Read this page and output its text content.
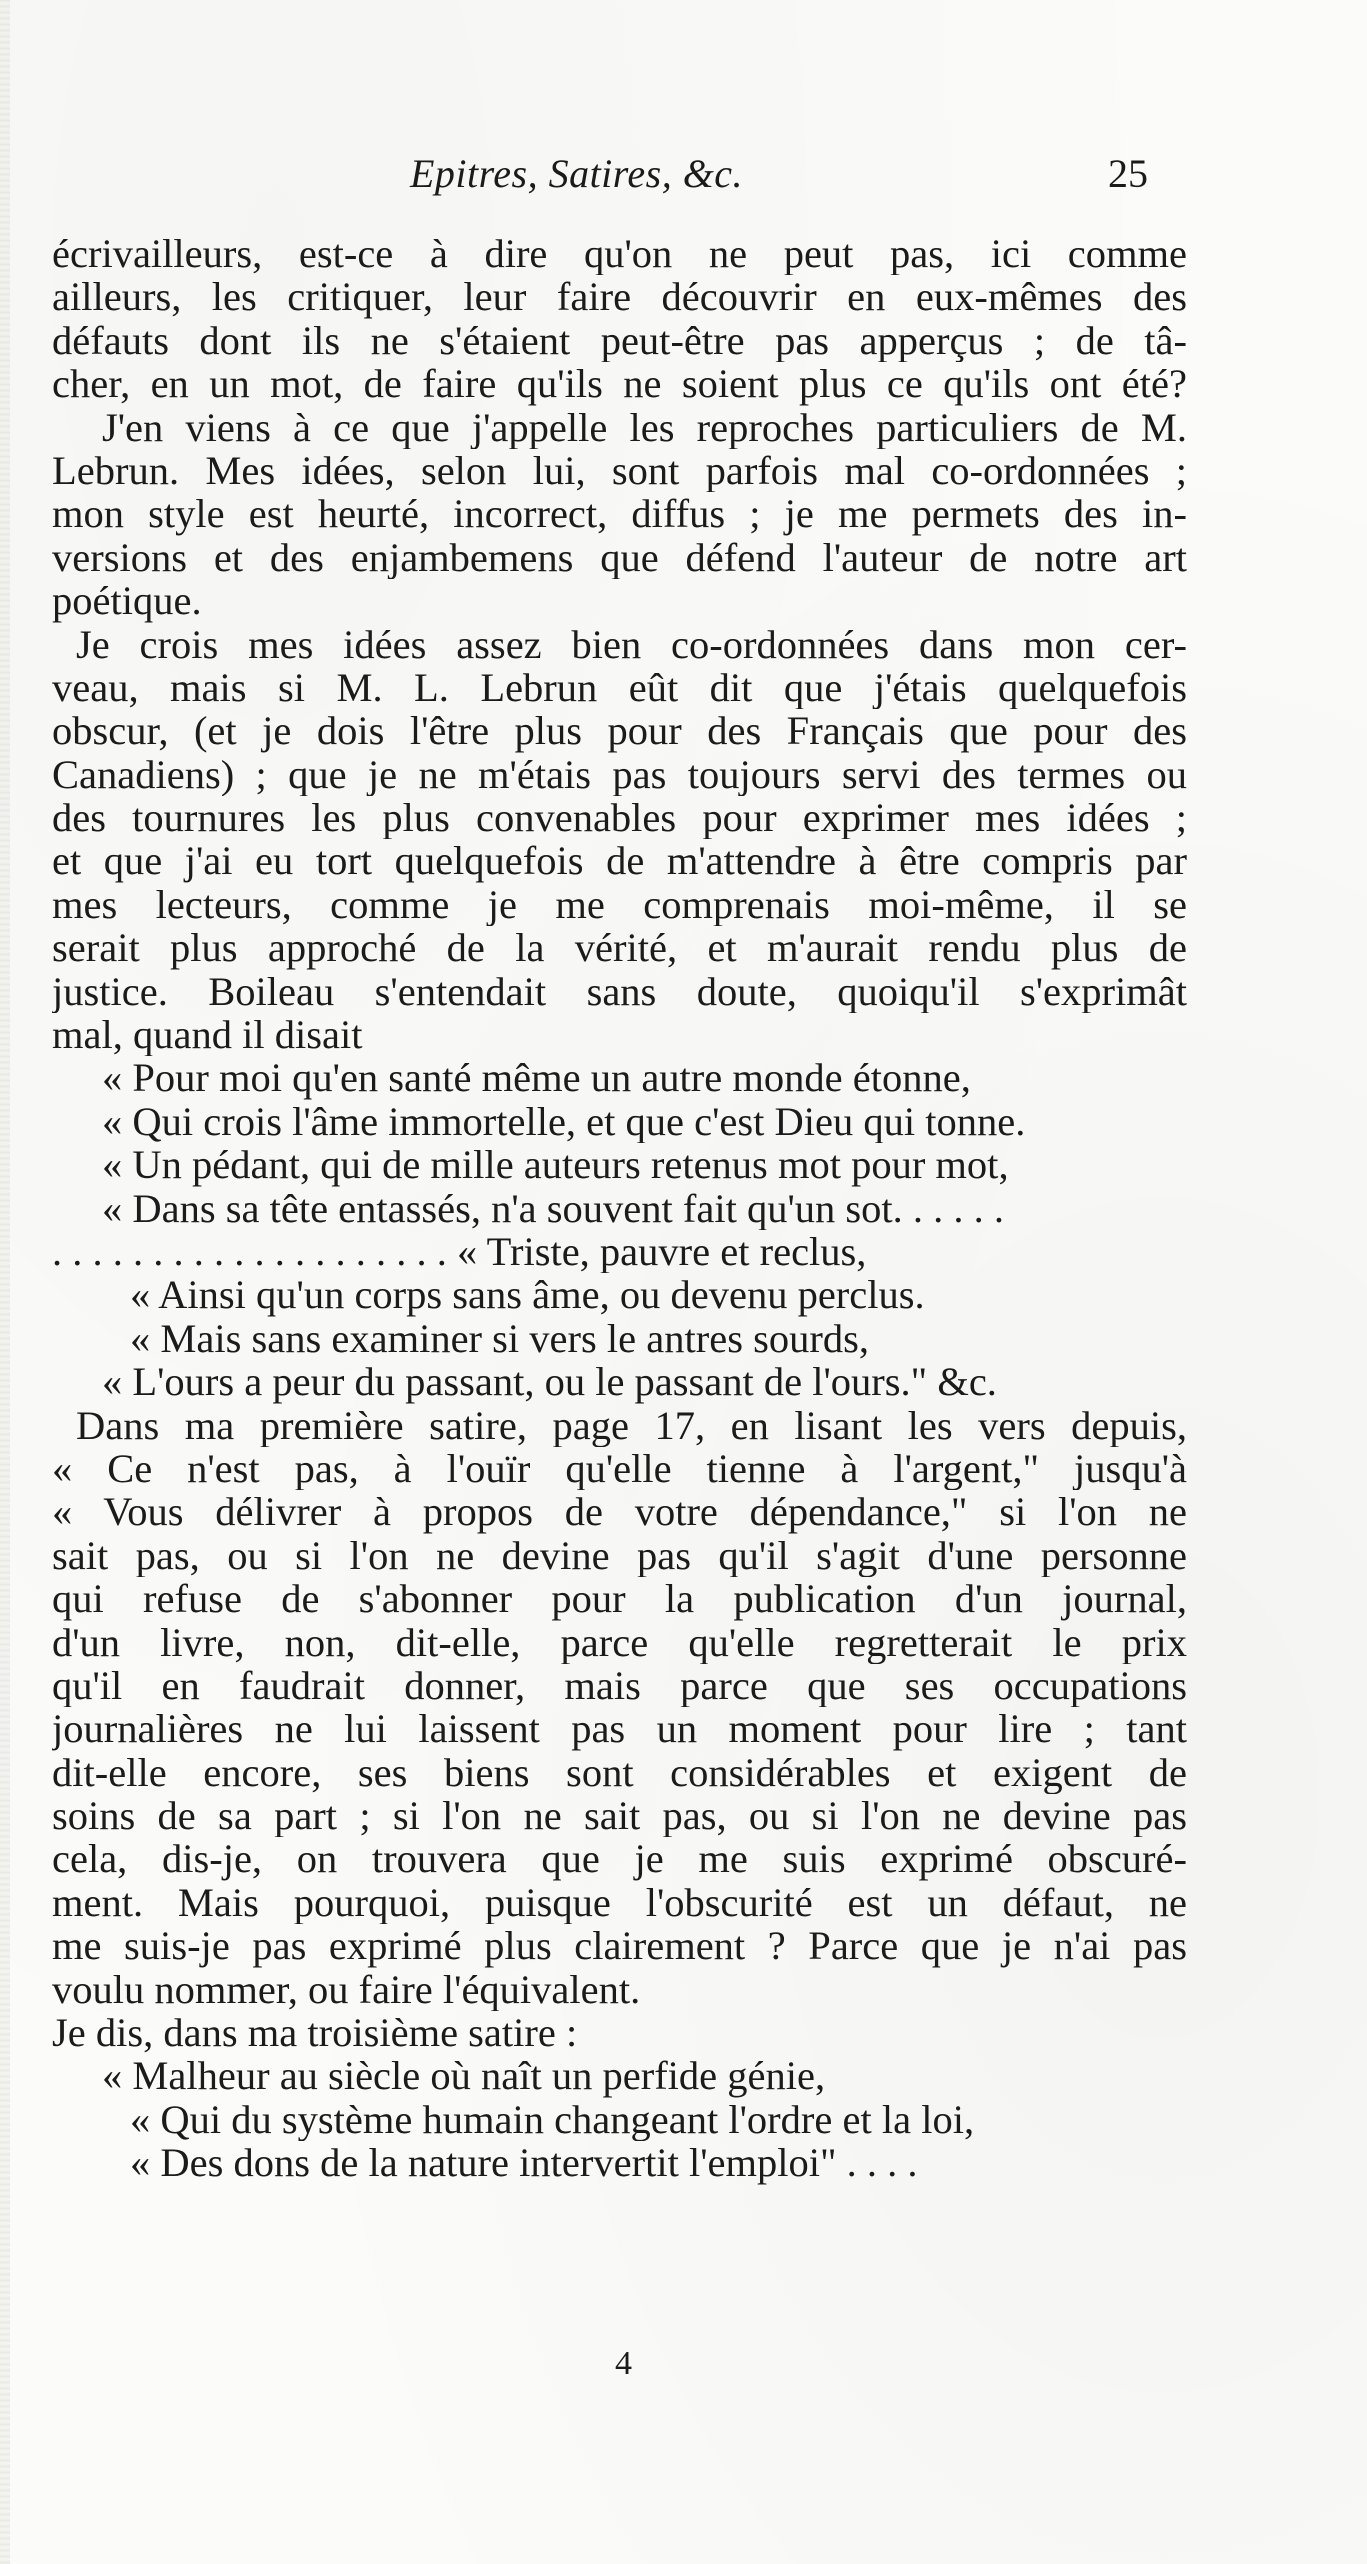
Epitres, Satires, &c.	25
écrivailleurs, est-ce à dire qu'on ne peut pas, ici comme
ailleurs, les critiquer, leur faire découvrir en eux-mêmes des
défauts dont ils ne s'étaient peut-être pas apperçus ; de tâ-
cher, en un mot, de faire qu'ils ne soient plus ce qu'ils ont été?
J'en viens à ce que j'appelle les reproches particuliers de M.
Lebrun. Mes idées, selon lui, sont parfois mal co-ordonnées ;
mon style est heurté, incorrect, diffus ; je me permets des in-
versions et des enjambemens que défend l'auteur de notre art
poétique.
Je crois mes idées assez bien co-ordonnées dans mon cer-
veau, mais si M. L. Lebrun eût dit que j'étais quelquefois
obscur, (et je dois l'être plus pour des Français que pour des
Canadiens) ; que je ne m'étais pas toujours servi des termes ou
des tournures les plus convenables pour exprimer mes idées ;
et que j'ai eu tort quelquefois de m'attendre à être compris par
mes lecteurs, comme je me comprenais moi-même, il se
serait plus approché de la vérité, et m'aurait rendu plus de
justice. Boileau s'entendait sans doute, quoiqu'il s'exprimât
mal, quand il disait
« Pour moi qu'en santé même un autre monde étonne,
« Qui crois l'âme immortelle, et que c'est Dieu qui tonne.
« Un pédant, qui de mille auteurs retenus mot pour mot,
« Dans sa tête entassés, n'a souvent fait qu'un sot. . . . . .
. . . . . . . . . . . . . . . . . . . . « Triste, pauvre et reclus,
« Ainsi qu'un corps sans âme, ou devenu perclus.
« Mais sans examiner si vers le antres sourds,
« L'ours a peur du passant, ou le passant de l'ours." &c.
Dans ma première satire, page 17, en lisant les vers depuis,
« Ce n'est pas, à l'ouïr qu'elle tienne à l'argent," jusqu'à
« Vous délivrer à propos de votre dépendance," si l'on ne
sait pas, ou si l'on ne devine pas qu'il s'agit d'une personne
qui refuse de s'abonner pour la publication d'un journal,
d'un livre, non, dit-elle, parce qu'elle regretterait le prix
qu'il en faudrait donner, mais parce que ses occupations
journalières ne lui laissent pas un moment pour lire ; tant
dit-elle encore, ses biens sont considérables et exigent de
soins de sa part ; si l'on ne sait pas, ou si l'on ne devine pas
cela, dis-je, on trouvera que je me suis exprimé obscuré-
ment. Mais pourquoi, puisque l'obscurité est un défaut, ne
me suis-je pas exprimé plus clairement ? Parce que je n'ai pas
voulu nommer, ou faire l'équivalent.
Je dis, dans ma troisième satire :
« Malheur au siècle où naît un perfide génie,
« Qui du système humain changeant l'ordre et la loi,
« Des dons de la nature intervertit l'emploi" . . . .
4
